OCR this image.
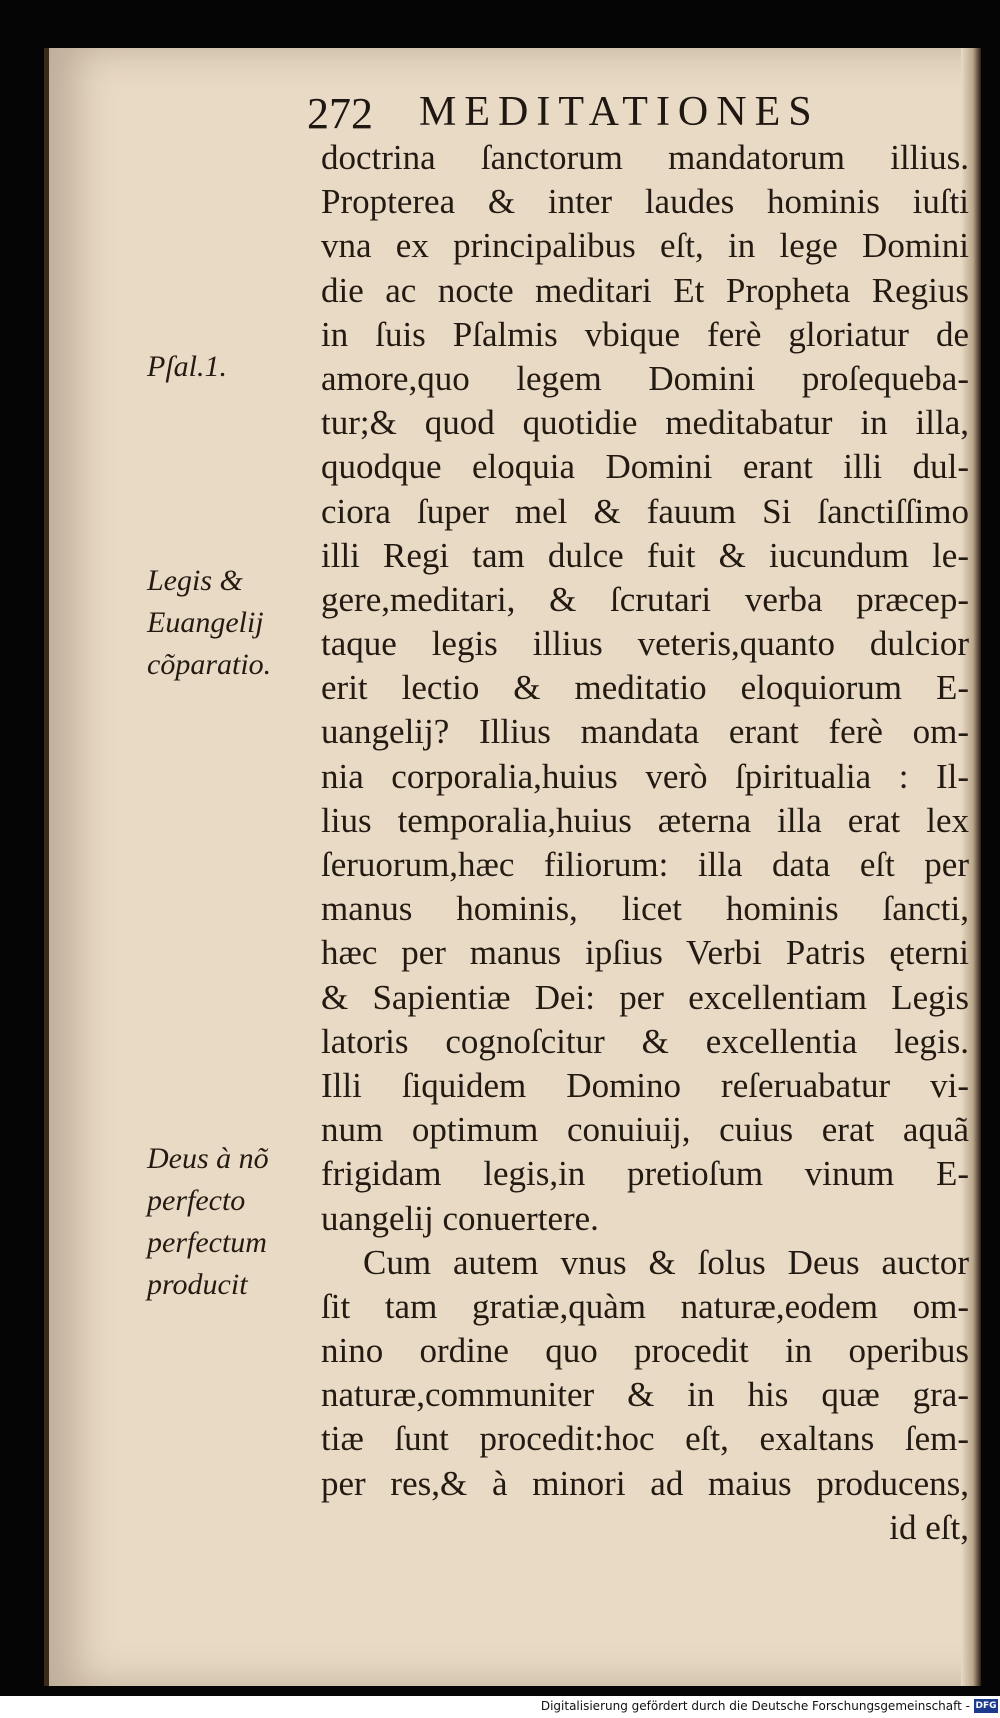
272 MEDITATIONES
Pſal.1.
Legis &
Euangelij
cõparatio.
Deus à nõ
perfecto
perfectum
producit
doctrina ſanctorum mandatorum illius.
Propterea & inter laudes hominis iuſti
vna ex principalibus eſt, in lege Domini
die ac nocte meditari Et Propheta Regius
in ſuis Pſalmis vbique ferè gloriatur de
amore,quo legem Domini proſequeba-
tur;& quod quotidie meditabatur in illa,
quodque eloquia Domini erant illi dul-
ciora ſuper mel & fauum Si ſanctiſſimo
illi Regi tam dulce fuit & iucundum le-
gere,meditari, & ſcrutari verba præcep-
taque legis illius veteris,quanto dulcior
erit lectio & meditatio eloquiorum E-
uangelij? Illius mandata erant ferè om-
nia corporalia,huius verò ſpiritualia : Il-
lius temporalia,huius æterna illa erat lex
ſeruorum,hæc filiorum: illa data eſt per
manus hominis, licet hominis ſancti,
hæc per manus ipſius Verbi Patris ęterni
& Sapientiæ Dei: per excellentiam Legis
latoris cognoſcitur & excellentia legis.
Illi ſiquidem Domino reſeruabatur vi-
num optimum conuiuij, cuius erat aquã
frigidam legis,in pretioſum vinum E-
uangelij conuertere.
Cum autem vnus & ſolus Deus auctor
ſit tam gratiæ,quàm naturæ,eodem om-
nino ordine quo procedit in operibus
naturæ,communiter & in his quæ gra-
tiæ ſunt procedit:hoc eſt, exaltans ſem-
per res,& à minori ad maius producens,
id eſt,
Digitalisierung gefördert durch die Deutsche Forschungsgemeinschaft - DFG
